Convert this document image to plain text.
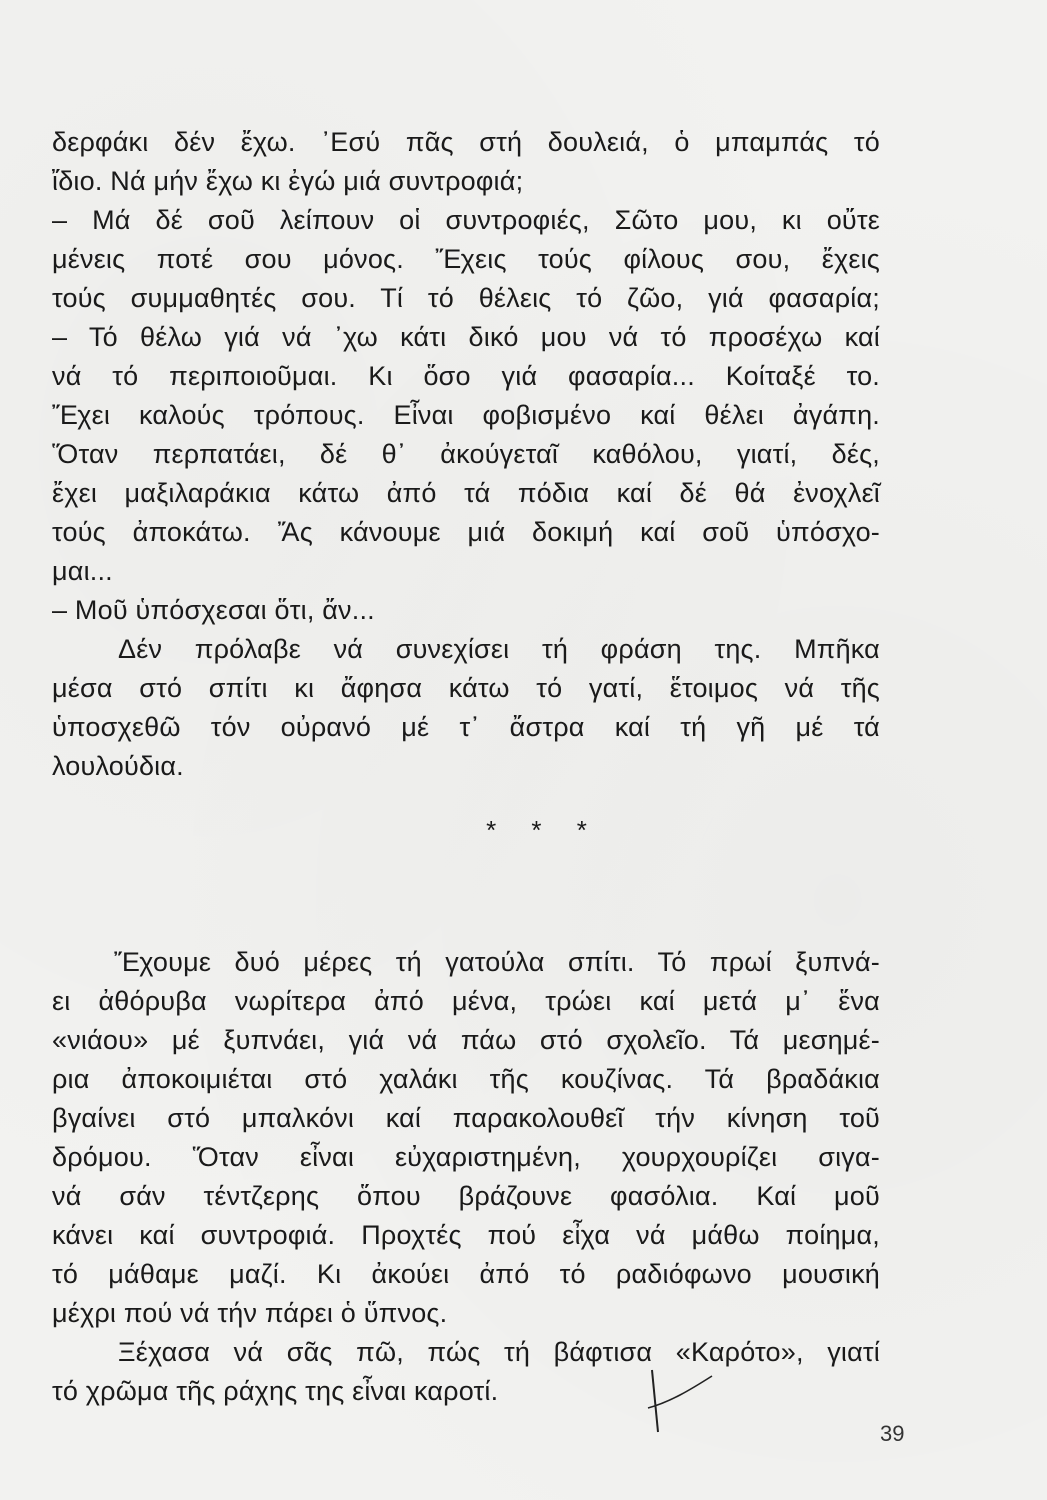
δερφάκι δέν ἔχω. ᾿Εσύ πᾶς στή δουλειά, ὁ μπαμπάς τό
ἴδιο. Νά μήν ἔχω κι ἐγώ μιά συντροφιά;
– Μά δέ σοῦ λείπουν οἱ συντροφιές, Σῶτο μου, κι οὔτε
μένεις ποτέ σου μόνος. Ἔχεις τούς φίλους σου, ἔχεις
τούς συμμαθητές σου. Τί τό θέλεις τό ζῶο, γιά φασαρία;
– Τό θέλω γιά νά ᾿χω κάτι δικό μου νά τό προσέχω καί
νά τό περιποιοῦμαι. Κι ὅσο γιά φασαρία... Κοίταξέ το.
Ἔχει καλούς τρόπους. Εἶναι φοβισμένο καί θέλει ἀγάπη.
Ὅταν περπατάει, δέ θ᾿ ἀκούγεταῖ καθόλου, γιατί, δές,
ἔχει μαξιλαράκια κάτω ἀπό τά πόδια καί δέ θά ἐνοχλεῖ
τούς ἀποκάτω. Ἄς κάνουμε μιά δοκιμή καί σοῦ ὑπόσχο-
μαι...
– Μοῦ ὑπόσχεσαι ὅτι, ἄν...
Δέν πρόλαβε νά συνεχίσει τή φράση της. Μπῆκα
μέσα στό σπίτι κι ἄφησα κάτω τό γατί, ἕτοιμος νά τῆς
ὑποσχεθῶ τόν οὐρανό μέ τ᾿ ἄστρα καί τή γῆ μέ τά
λουλούδια.
* * *
Ἔχουμε δυό μέρες τή γατούλα σπίτι. Τό πρωί ξυπνά-
ει ἀθόρυβα νωρίτερα ἀπό μένα, τρώει καί μετά μ᾿ ἕνα
«νιάου» μέ ξυπνάει, γιά νά πάω στό σχολεῖο. Τά μεσημέ-
ρια ἀποκοιμιέται στό χαλάκι τῆς κουζίνας. Τά βραδάκια
βγαίνει στό μπαλκόνι καί παρακολουθεῖ τήν κίνηση τοῦ
δρόμου. Ὅταν εἶναι εὐχαριστημένη, χουρχουρίζει σιγα-
νά σάν τέντζερης ὅπου βράζουνε φασόλια. Καί μοῦ
κάνει καί συντροφιά. Προχτές πού εἶχα νά μάθω ποίημα,
τό μάθαμε μαζί. Κι ἀκούει ἀπό τό ραδιόφωνο μουσική
μέχρι πού νά τήν πάρει ὁ ὕπνος.
Ξέχασα νά σᾶς πῶ, πώς τή βάφτισα «Καρότο», γιατί
τό χρῶμα τῆς ράχης της εἶναι καροτί.
39
